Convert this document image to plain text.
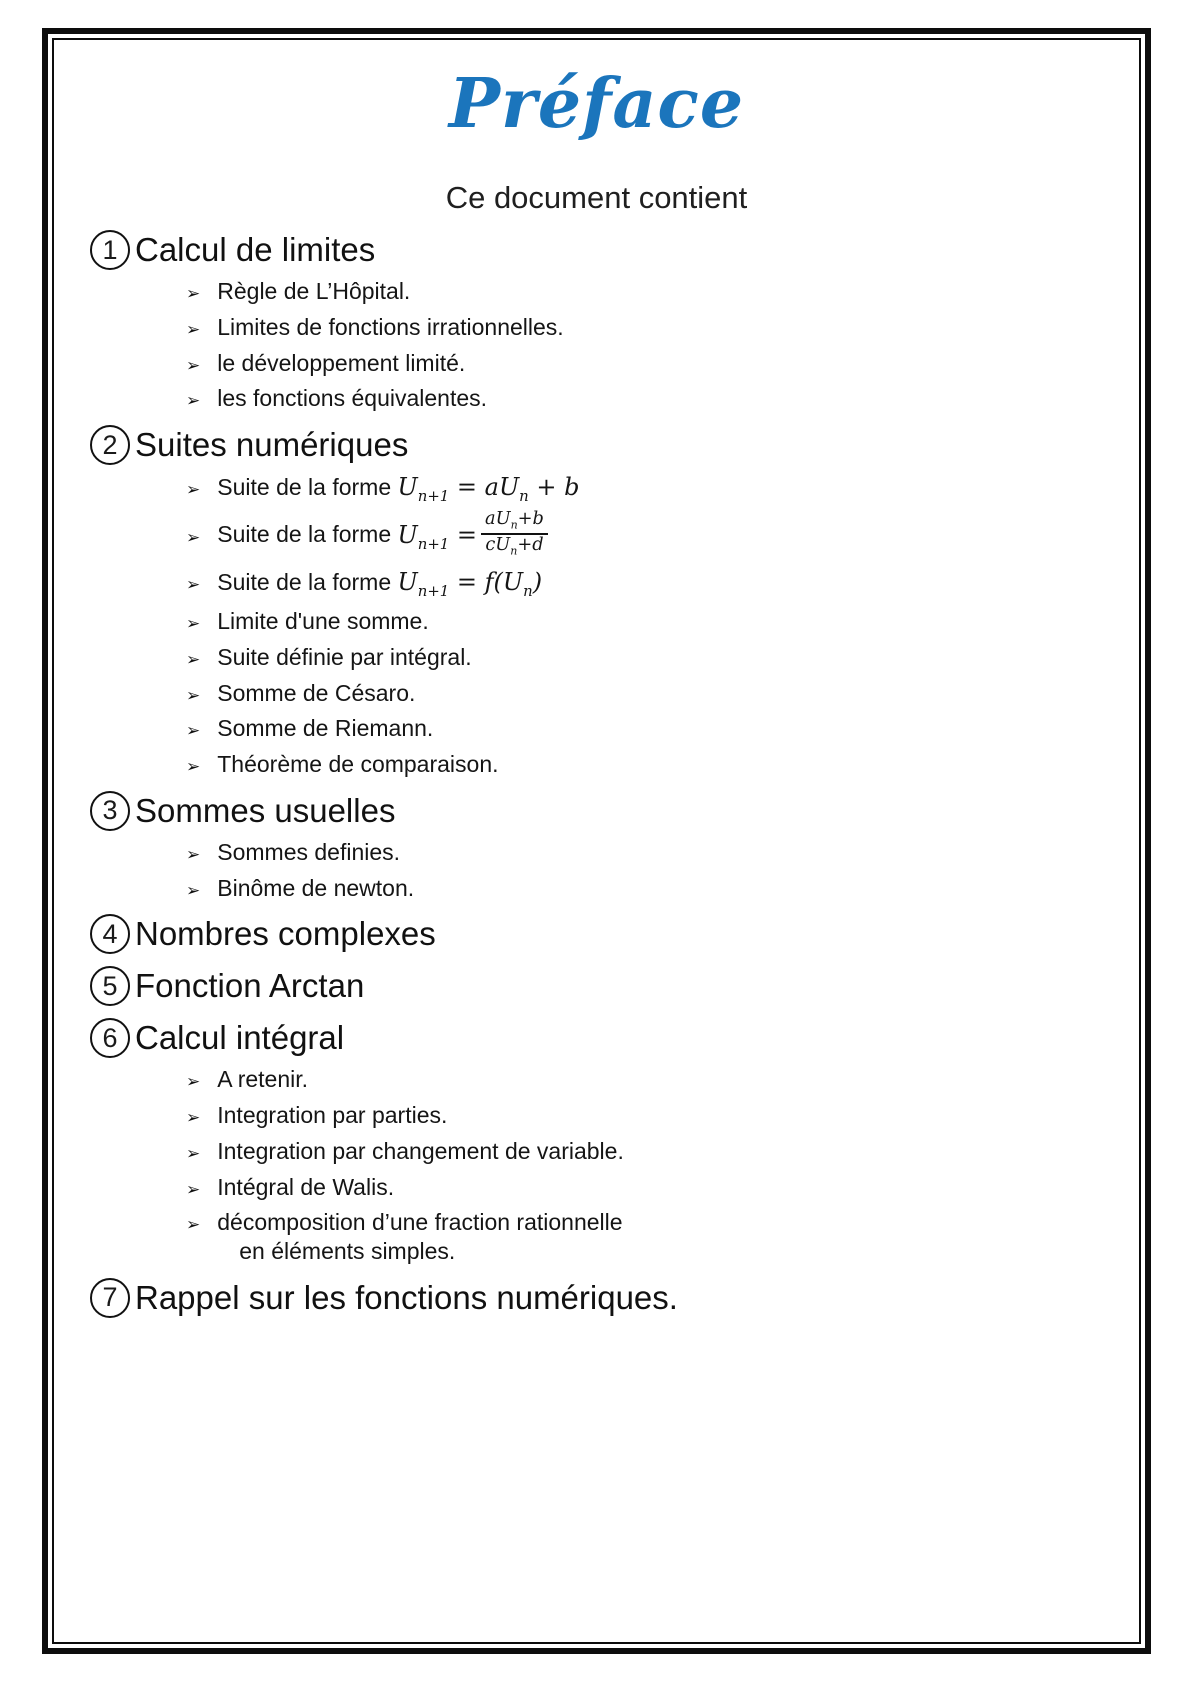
Préface
Ce document contient
1 Calcul de limites
➢
Règle de L’Hôpital.
➢
Limites de fonctions irrationnelles.
➢
le développement limité.
➢
les fonctions équivalentes.
2 Suites numériques
➢
Suite de la forme $U_{n+1} = aU_n + b$
➢
Suite de la forme $U_{n+1} = \frac{aU_n+b}{cU_n+d}$
➢
Suite de la forme $U_{n+1} = f(U_n)$
➢
Limite d'une somme.
➢
Suite définie par intégral.
➢
Somme de Césaro.
➢
Somme de Riemann.
➢
Théorème de comparaison.
3 Sommes usuelles
➢
Sommes definies.
➢
Binôme de newton.
4 Nombres complexes
5 Fonction Arctan
6 Calcul intégral
➢
A retenir.
➢
Integration par parties.
➢
Integration par changement de variable.
➢
Intégral de Walis.
➢
décomposition d’une fraction rationnelle
en éléments simples.
7 Rappel sur les fonctions numériques.
